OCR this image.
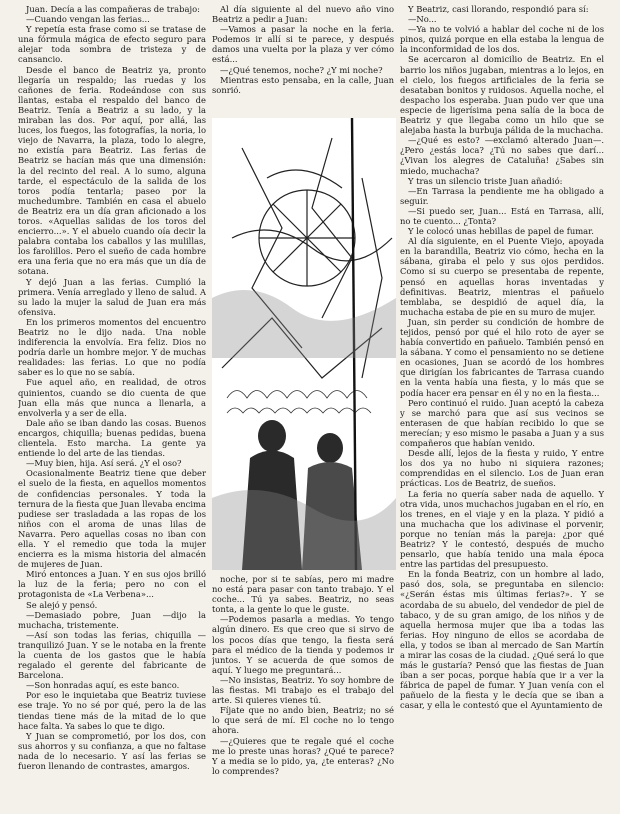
Juan. Decía a las compañeras de trabajo:

—Cuando vengan las ferias...

Y repetía esta frase como si se tratase de una fórmula mágica de efecto seguro para alejar toda sombra de tristeza y de cansancio.

Desde el banco de Beatriz ya, pronto llegaría un respaldo; las ruedas y los cañones de feria. Rodeándose con sus llantas, estaba el respaldo del banco de Beatriz. Tenía a Beatriz a su lado, y la miraban las dos. Por aquí, por allá, las luces, los fuegos, las fotografías, la noria, lo viejo de Navarra, la plaza, todo lo alegre, no existía para Beatriz. Las ferias de Beatriz se hacían más que una dimensión: la del recinto del real. A lo sumo, alguna tarde, el espectáculo de la salida de los toros podía tentarla; paseo por la muchedumbre. También en casa el abuelo de Beatriz era un día gran aficionado a los toros. «Aquellas salidas de los toros del encierro...». Y el abuelo cuando oía decir la palabra contaba los caballos y las mulillas, los farolillos. Pero el sueño de cada hombre era una feria que no era más que un día de sotana.

Y dejó Juan a las ferias. Cumplió la primera. Venía arreglado y lleno de salud. A su lado la mujer la salud de Juan era más ofensiva.

En los primeros momentos del encuentro Beatriz no le dijo nada. Una noble indiferencia la envolvía. Era feliz. Dios no podría darle un hombre mejor. Y de muchas realidades: las ferias. Lo que no podía saber es lo que no se sabía.

Fue aquel año, en realidad, de otros quinientos, cuando se dio cuenta de que Juan ella más que nunca a llenarla, a envolverla y a ser de ella.

Dale año se iban dando las cosas. Buenos encargos, chiquilla; buenas pedidas, buena clientela. Esto marcha. La gente ya entiende lo del arte de las tiendas.

—Muy bien, hija. Así será. ¿Y el oso?

Ocasionalmente Beatriz tiene que deber el suelo de la fiesta, en aquellos momentos de confidencias personales. Y toda la ternura de la fiesta que Juan llevaba encima pudiese ser trasladada a las ropas de los niños con el aroma de unas lilas de Navarra. Pero aquellas cosas no iban con ella. Y el remedio que toda la mujer encierra es la misma historia del almacén de mujeres de Juan.

Miró entonces a Juan. Y en sus ojos brilló la luz de la feria; pero no con el protagonista de «La Verbena»...

Se alejó y pensó.

—Demasiado pobre, Juan —dijo la muchacha, tristemente.

—Así son todas las ferias, chiquilla —tranquilizó Juan. Y se le notaba en la frente la cuenta de los gastos que le había regalado el gerente del fabricante de Barcelona.

—Son honradas aquí, es este banco.

Por eso le inquietaba que Beatriz tuviese ese traje. Yo no sé por qué, pero la de las tiendas tiene más de la mitad de lo que hace falta. Ya sabes lo que te digo.

Y Juan se comprometió, por los dos, con sus ahorros y su confianza, a que no faltase nada de lo necesario. Y así las ferias se fueron llenando de contrastes, amargos.

Al día siguiente al del nuevo año vino Beatriz a pedir a Juan:

—Vamos a pasar la noche en la feria. Podemos ir allí si te parece, y después damos una vuelta por la plaza y ver cómo está...

—¿Qué tenemos, noche? ¿Y mi noche?

Mientras esto pensaba, en la calle, Juan sonrió.

noche, por si te sabías, pero mi madre no está para pasar con tanto trabajo. Y el coche... Tú ya sabes. Beatriz, no seas tonta, a la gente lo que le guste.

—Podemos pasarla a medias. Yo tengo algún dinero. Es que creo que si sirvo de los pocos días que tengo, la fiesta será para el médico de la tienda y podemos ir juntos. Y se acuerda de que somos de aquí. Y luego me preguntará...

—No insistas, Beatriz. Yo soy hombre de las fiestas. Mi trabajo es el trabajo del arte. Si quieres vienes tú.

Fíjate que no ando bien, Beatriz; no sé lo que será de mí. El coche no lo tengo ahora.

—¿Quieres que te regale qué el coche me lo preste unas horas? ¿Qué te parece? Y a media se lo pido, ya, ¿te enteras? ¿No lo comprendes?

Y Beatriz, casi llorando, respondió para sí:

—No...

—Ya no te volvió a hablar del coche ni de los pinos, quizá porque en ella estaba la lengua de la inconformidad de los dos.

Se acercaron al domicilio de Beatriz. En el barrio los niños jugaban, mientras a lo lejos, en el cielo, los fuegos artificiales de la feria se desataban bonitos y ruidosos. Aquella noche, el despacho los esperaba. Juan pudo ver que una especie de ligerísima pena salía de la boca de Beatriz y que llegaba como un hilo que se alejaba hasta la burbuja pálida de la muchacha.

—¿Qué es esto? —exclamó alterado Juan—. ¿Pero ¿estás loca? ¿Tú no sabes que darí... ¿Vivan los alegres de Cataluña! ¿Sabes sin miedo, muchacha?

Y tras un silencio triste Juan añadió:

—En Tarrasa la pendiente me ha obligado a seguir.

—Si puedo ser, Juan... Está en Tarrasa, allí, no te cuento... ¿Tonta?

Y le colocó unas hebillas de papel de fumar.

Al día siguiente, en el Puente Viejo, apoyada en la barandilla, Beatriz vio cómo, hecha en la sábana, giraba el pelo y sus ojos perdidos. Como si su cuerpo se presentaba de repente, pensó en aquellas horas inventadas y definitivas. Beatriz, mientras el pañuelo temblaba, se despidió de aquel día, la muchacha estaba de pie en su muro de mujer.

Juan, sin perder su condición de hombre de tejidos, pensó por qué el hilo roto de ayer se había convertido en pañuelo. También pensó en la sábana. Y como el pensamiento no se detiene en ocasiones, Juan se acordó de los hombres que dirigían los fabricantes de Tarrasa cuando en la venta había una fiesta, y lo más que se podía hacer era pensar en él y no en la fiesta...

Pero continuó el ruido. Juan aceptó la cabeza y se marchó para que así sus vecinos se enterasen de que habían recibido lo que se merecían; y eso mismo le pasaba a Juan y a sus compañeros que habían venido.

Desde allí, lejos de la fiesta y ruido, Y entre los dos ya no hubo ni siquiera razones; comprendidas en el silencio. Los de Juan eran prácticas. Los de Beatriz, de sueños.

La feria no quería saber nada de aquello. Y otra vida, unos muchachos jugaban en el río, en los trenes, en el viaje y en la plaza. Y pidió a una muchacha que los adivinase el porvenir, porque no tenían más la pareja: ¿por qué Beatriz? Y le contestó, después de mucho pensarlo, que había tenido una mala época entre las partidas del presupuesto.

En la fonda Beatriz, con un hombre al lado, pasó dos, sola, se preguntaba en silencio: «¿Serán éstas mis últimas ferias?». Y se acordaba de su abuelo, del vendedor de piel de tabaco, y de su gran amigo, de los niños y de aquella hermosa mujer que iba a todas las ferias. Hoy ninguno de ellos se acordaba de ella, y todos se iban al mercado de San Martín a mirar las cosas de la ciudad. ¿Qué será lo que más le gustaría? Pensó que las fiestas de Juan iban a ser pocas, porque había que ir a ver la fábrica de papel de fumar. Y Juan venía con el pañuelo de la fiesta y le decía que se iban a casar, y ella le contestó que el Ayuntamiento de
